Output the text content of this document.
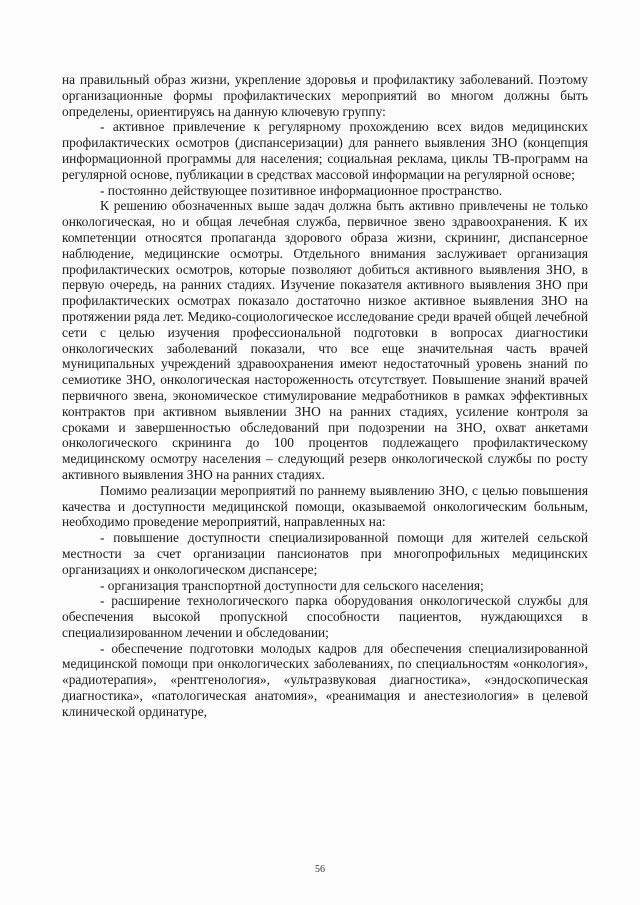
на правильный образ жизни, укрепление здоровья и профилактику заболеваний. Поэтому организационные формы профилактических мероприятий во многом должны быть определены, ориентируясь на данную ключевую группу:

- активное привлечение к регулярному прохождению всех видов медицинских профилактических осмотров (диспансеризации) для раннего выявления ЗНО (концепция информационной программы для населения; социальная реклама, циклы ТВ-программ на регулярной основе, публикации в средствах массовой информации на регулярной основе;

- постоянно действующее позитивное информационное пространство.

К решению обозначенных выше задач должна быть активно привлечены не только онкологическая, но и общая лечебная служба, первичное звено здравоохранения. К их компетенции относятся пропаганда здорового образа жизни, скрининг, диспансерное наблюдение, медицинские осмотры. Отдельного внимания заслуживает организация профилактических осмотров, которые позволяют добиться активного выявления ЗНО, в первую очередь, на ранних стадиях. Изучение показателя активного выявления ЗНО при профилактических осмотрах показало достаточно низкое активное выявления ЗНО на протяжении ряда лет. Медико-социологическое исследование среди врачей общей лечебной сети с целью изучения профессиональной подготовки в вопросах диагностики онкологических заболеваний показали, что все еще значительная часть врачей муниципальных учреждений здравоохранения имеют недостаточный уровень знаний по семиотике ЗНО, онкологическая настороженность отсутствует. Повышение знаний врачей первичного звена, экономическое стимулирование медработников в рамках эффективных контрактов при активном выявлении ЗНО на ранних стадиях, усиление контроля за сроками и завершенностью обследований при подозрении на ЗНО, охват анкетами онкологического скрининга до 100 процентов подлежащего профилактическому медицинскому осмотру населения – следующий резерв онкологической службы по росту активного выявления ЗНО на ранних стадиях.

Помимо реализации мероприятий по раннему выявлению ЗНО, с целью повышения качества и доступности медицинской помощи, оказываемой онкологическим больным, необходимо проведение мероприятий, направленных на:

- повышение доступности специализированной помощи для жителей сельской местности за счет организации пансионатов при многопрофильных медицинских организациях и онкологическом диспансере;

- организация транспортной доступности для сельского населения;

- расширение технологического парка оборудования онкологической службы для обеспечения высокой пропускной способности пациентов, нуждающихся в специализированном лечении и обследовании;

- обеспечение подготовки молодых кадров для обеспечения специализированной медицинской помощи при онкологических заболеваниях, по специальностям «онкология», «радиотерапия», «рентгенология», «ультразвуковая диагностика», «эндоскопическая диагностика», «патологическая анатомия», «реанимация и анестезиология» в целевой клинической ординатуре,

56
